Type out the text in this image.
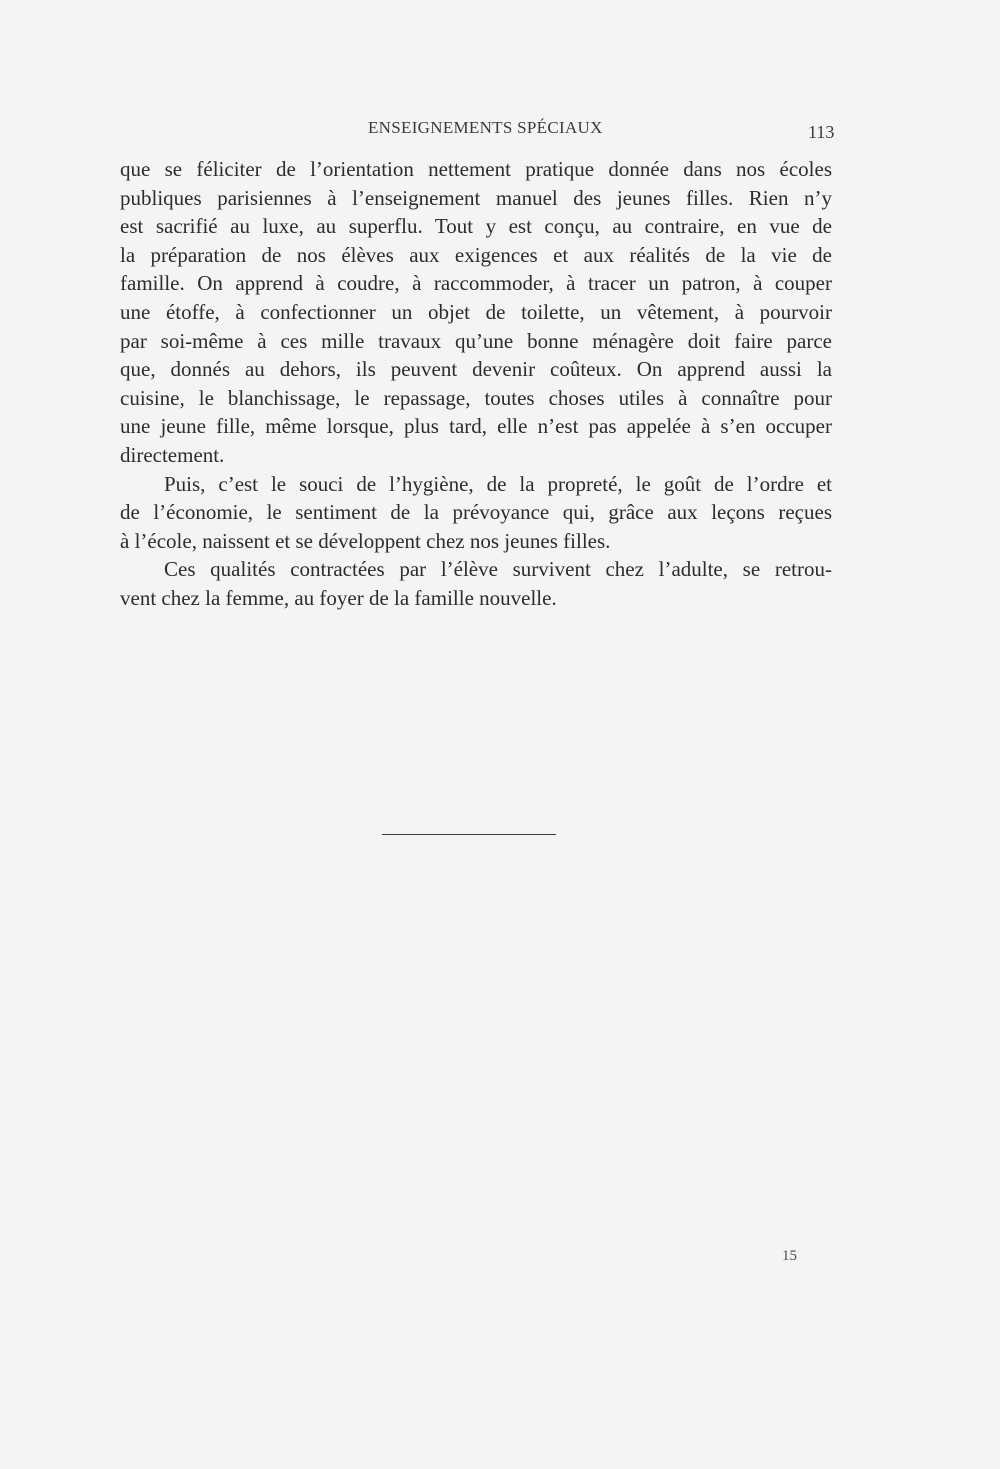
ENSEIGNEMENTS SPÉCIAUX	113
que se féliciter de l’orientation nettement pratique donnée dans nos écoles
publiques parisiennes à l’enseignement manuel des jeunes filles. Rien n’y
est sacrifié au luxe, au superflu. Tout y est conçu, au contraire, en vue de
la préparation de nos élèves aux exigences et aux réalités de la vie de
famille. On apprend à coudre, à raccommoder, à tracer un patron, à couper
une étoffe, à confectionner un objet de toilette, un vêtement, à pourvoir
par soi-même à ces mille travaux qu’une bonne ménagère doit faire parce
que, donnés au dehors, ils peuvent devenir coûteux. On apprend aussi la
cuisine, le blanchissage, le repassage, toutes choses utiles à connaître pour
une jeune fille, même lorsque, plus tard, elle n’est pas appelée à s’en occuper
directement.
Puis, c’est le souci de l’hygiène, de la propreté, le goût de l’ordre et
de l’économie, le sentiment de la prévoyance qui, grâce aux leçons reçues
à l’école, naissent et se développent chez nos jeunes filles.
Ces qualités contractées par l’élève survivent chez l’adulte, se retrou-
vent chez la femme, au foyer de la famille nouvelle.
15
